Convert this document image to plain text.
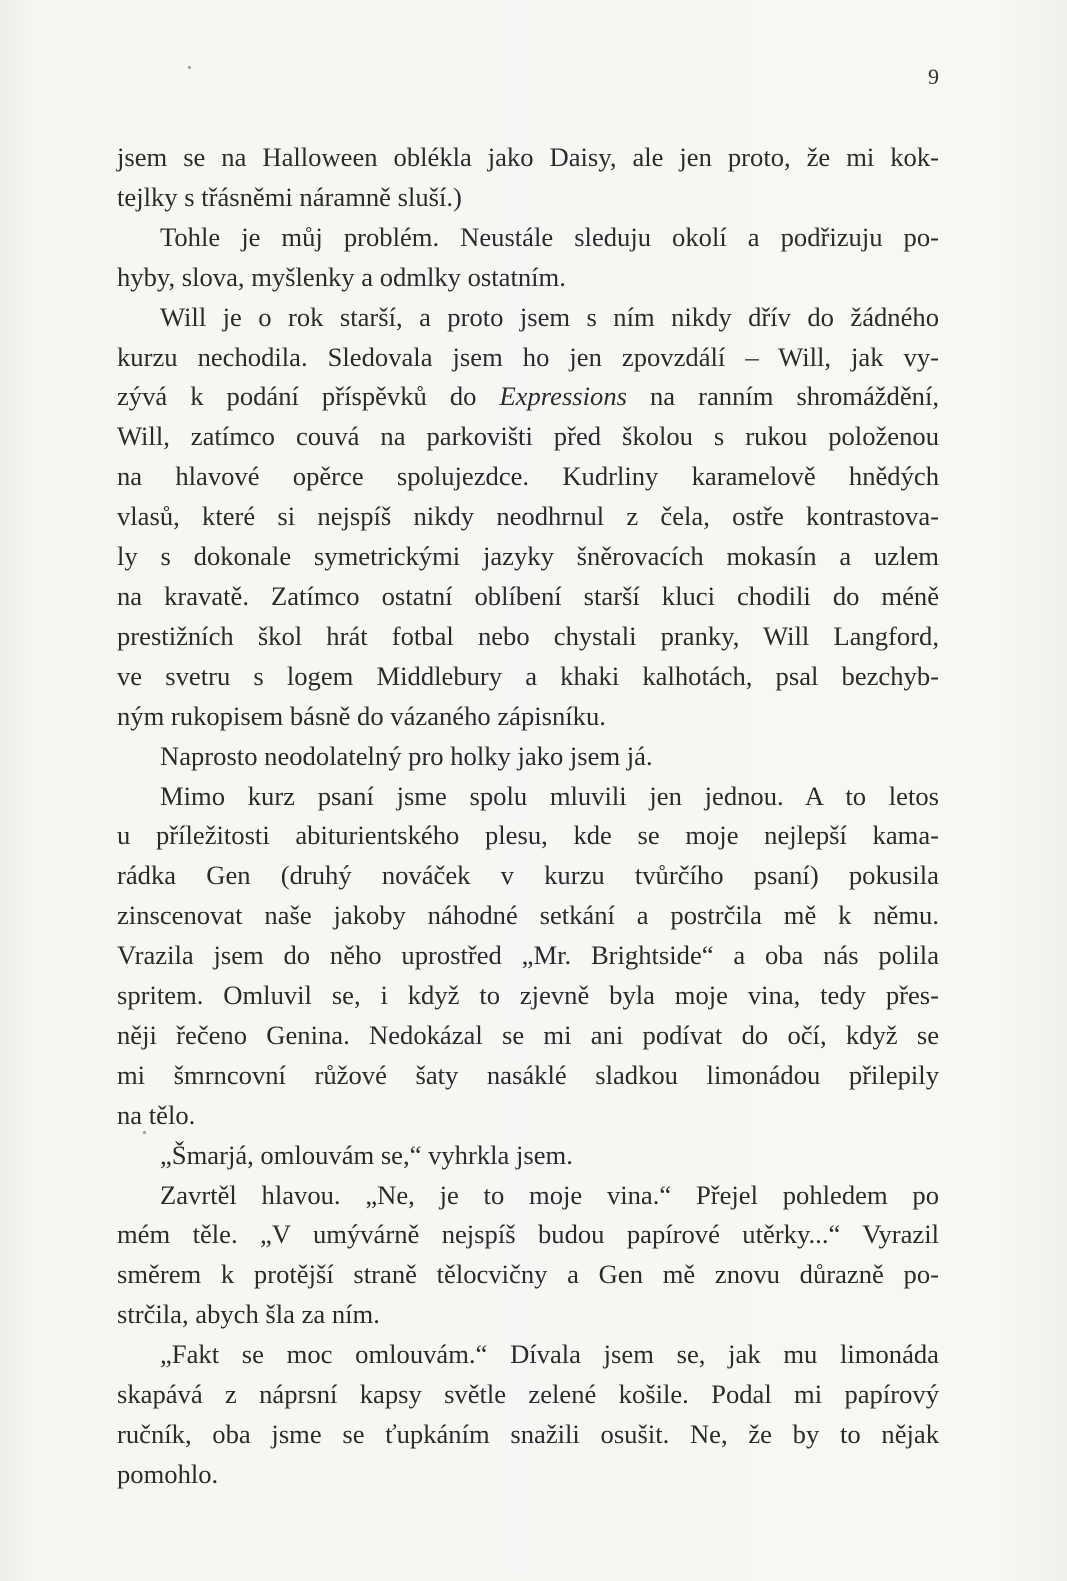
9
jsem se na Halloween oblékla jako Daisy, ale jen proto, že mi kok-
tejlky s třásněmi náramně sluší.)
Tohle je můj problém. Neustále sleduju okolí a podřizuju po-
hyby, slova, myšlenky a odmlky ostatním.
Will je o rok starší, a proto jsem s ním nikdy dřív do žádného
kurzu nechodila. Sledovala jsem ho jen zpovzdálí – Will, jak vy-
zývá k podání příspěvků do Expressions na ranním shromáždění,
Will, zatímco couvá na parkovišti před školou s rukou položenou
na hlavové opěrce spolujezdce. Kudrliny karamelově hnědých
vlasů, které si nejspíš nikdy neodhrnul z čela, ostře kontrastova-
ly s dokonale symetrickými jazyky šněrovacích mokasín a uzlem
na kravatě. Zatímco ostatní oblíbení starší kluci chodili do méně
prestižních škol hrát fotbal nebo chystali pranky, Will Langford,
ve svetru s logem Middlebury a khaki kalhotách, psal bezchyb-
ným rukopisem básně do vázaného zápisníku.
Naprosto neodolatelný pro holky jako jsem já.
Mimo kurz psaní jsme spolu mluvili jen jednou. A to letos
u příležitosti abiturientského plesu, kde se moje nejlepší kama-
rádka Gen (druhý nováček v kurzu tvůrčího psaní) pokusila
zinscenovat naše jakoby náhodné setkání a postrčila mě k němu.
Vrazila jsem do něho uprostřed „Mr. Brightside“ a oba nás polila
spritem. Omluvil se, i když to zjevně byla moje vina, tedy přes-
něji řečeno Genina. Nedokázal se mi ani podívat do očí, když se
mi šmrncovní růžové šaty nasáklé sladkou limonádou přilepily
na tělo.
„Šmarjá, omlouvám se,“ vyhrkla jsem.
Zavrtěl hlavou. „Ne, je to moje vina.“ Přejel pohledem po
mém těle. „V umývárně nejspíš budou papírové utěrky...“ Vyrazil
směrem k protější straně tělocvičny a Gen mě znovu důrazně po-
strčila, abych šla za ním.
„Fakt se moc omlouvám.“ Dívala jsem se, jak mu limonáda
skapává z náprsní kapsy světle zelené košile. Podal mi papírový
ručník, oba jsme se ťupkáním snažili osušit. Ne, že by to nějak
pomohlo.
